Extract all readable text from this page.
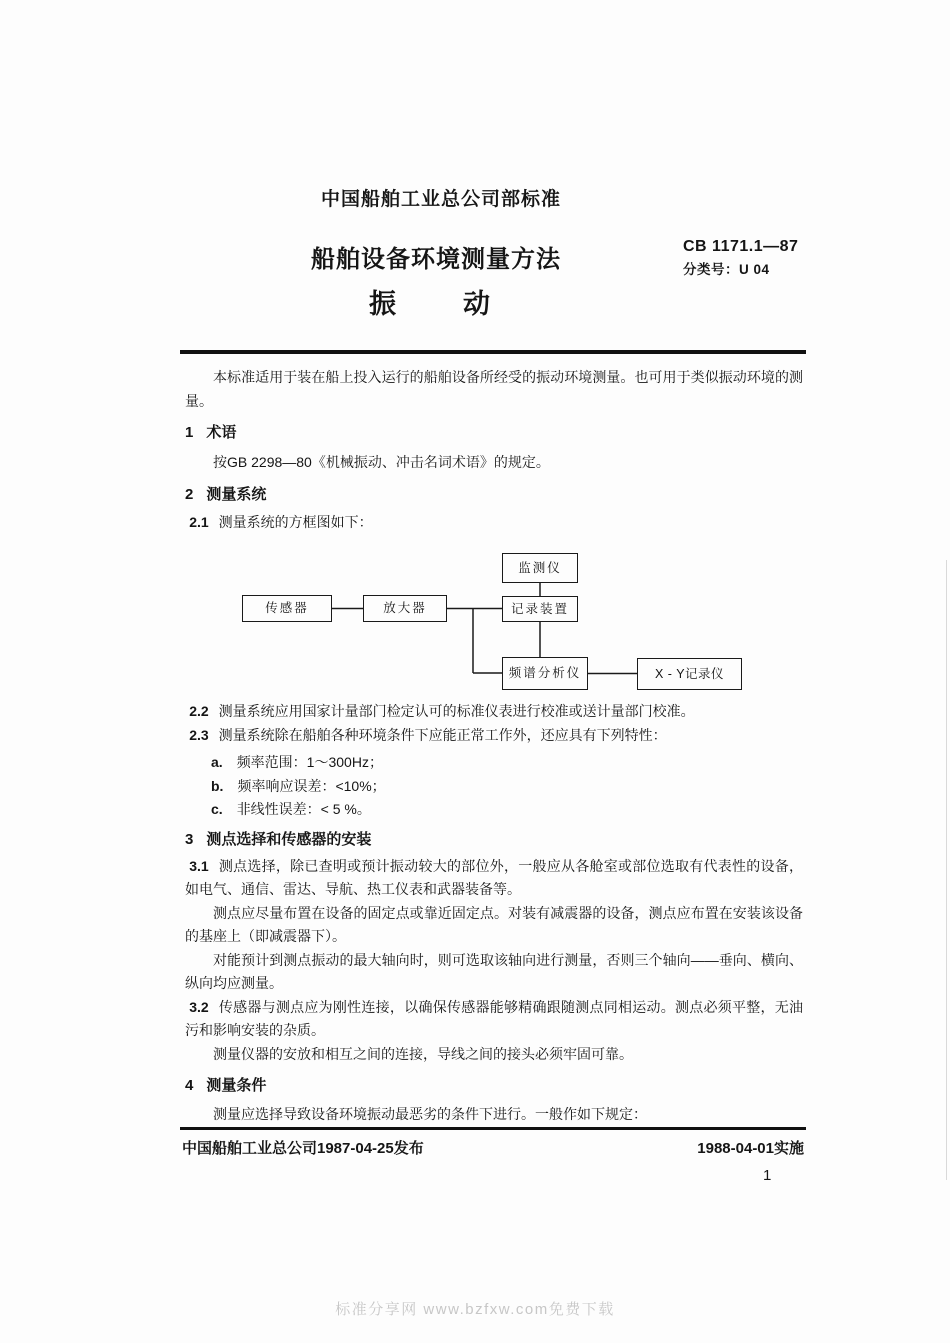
中国船舶工业总公司部标准
船舶设备环境测量方法
振动
CB 1171.1—87
分类号：U 04

本标准适用于装在船上投入运行的船舶设备所经受的振动环境测量。也可用于类似振动环境的测量。

1 术语

按GB 2298—80《机械振动、冲击名词术语》的规定。

2 测量系统

2.1 测量系统的方框图如下：

监测仪
传感器	放大器	记录装置
频谱分析仪	X - Y记录仪

2.2 测量系统应用国家计量部门检定认可的标准仪表进行校准或送计量部门校准。

2.3 测量系统除在船舶各种环境条件下应能正常工作外，还应具有下列特性：

a. 频率范围：1～300Hz；

b. 频率响应误差：<10%；

c. 非线性误差：< 5 %。

3 测点选择和传感器的安装

3.1 测点选择，除已查明或预计振动较大的部位外，一般应从各舱室或部位选取有代表性的设备，如电气、通信、雷达、导航、热工仪表和武器装备等。

测点应尽量布置在设备的固定点或靠近固定点。对装有减震器的设备，测点应布置在安装该设备的基座上（即减震器下）。

对能预计到测点振动的最大轴向时，则可选取该轴向进行测量，否则三个轴向——垂向、横向、纵向均应测量。

3.2 传感器与测点应为刚性连接，以确保传感器能够精确跟随测点同相运动。测点必须平整，无油污和影响安装的杂质。

测量仪器的安放和相互之间的连接，导线之间的接头必须牢固可靠。

4 测量条件

测量应选择导致设备环境振动最恶劣的条件下进行。一般作如下规定：

中国船舶工业总公司1987-04-25发布	1988-04-01实施
1
标准分享网 www.bzfxw.com免费下载
